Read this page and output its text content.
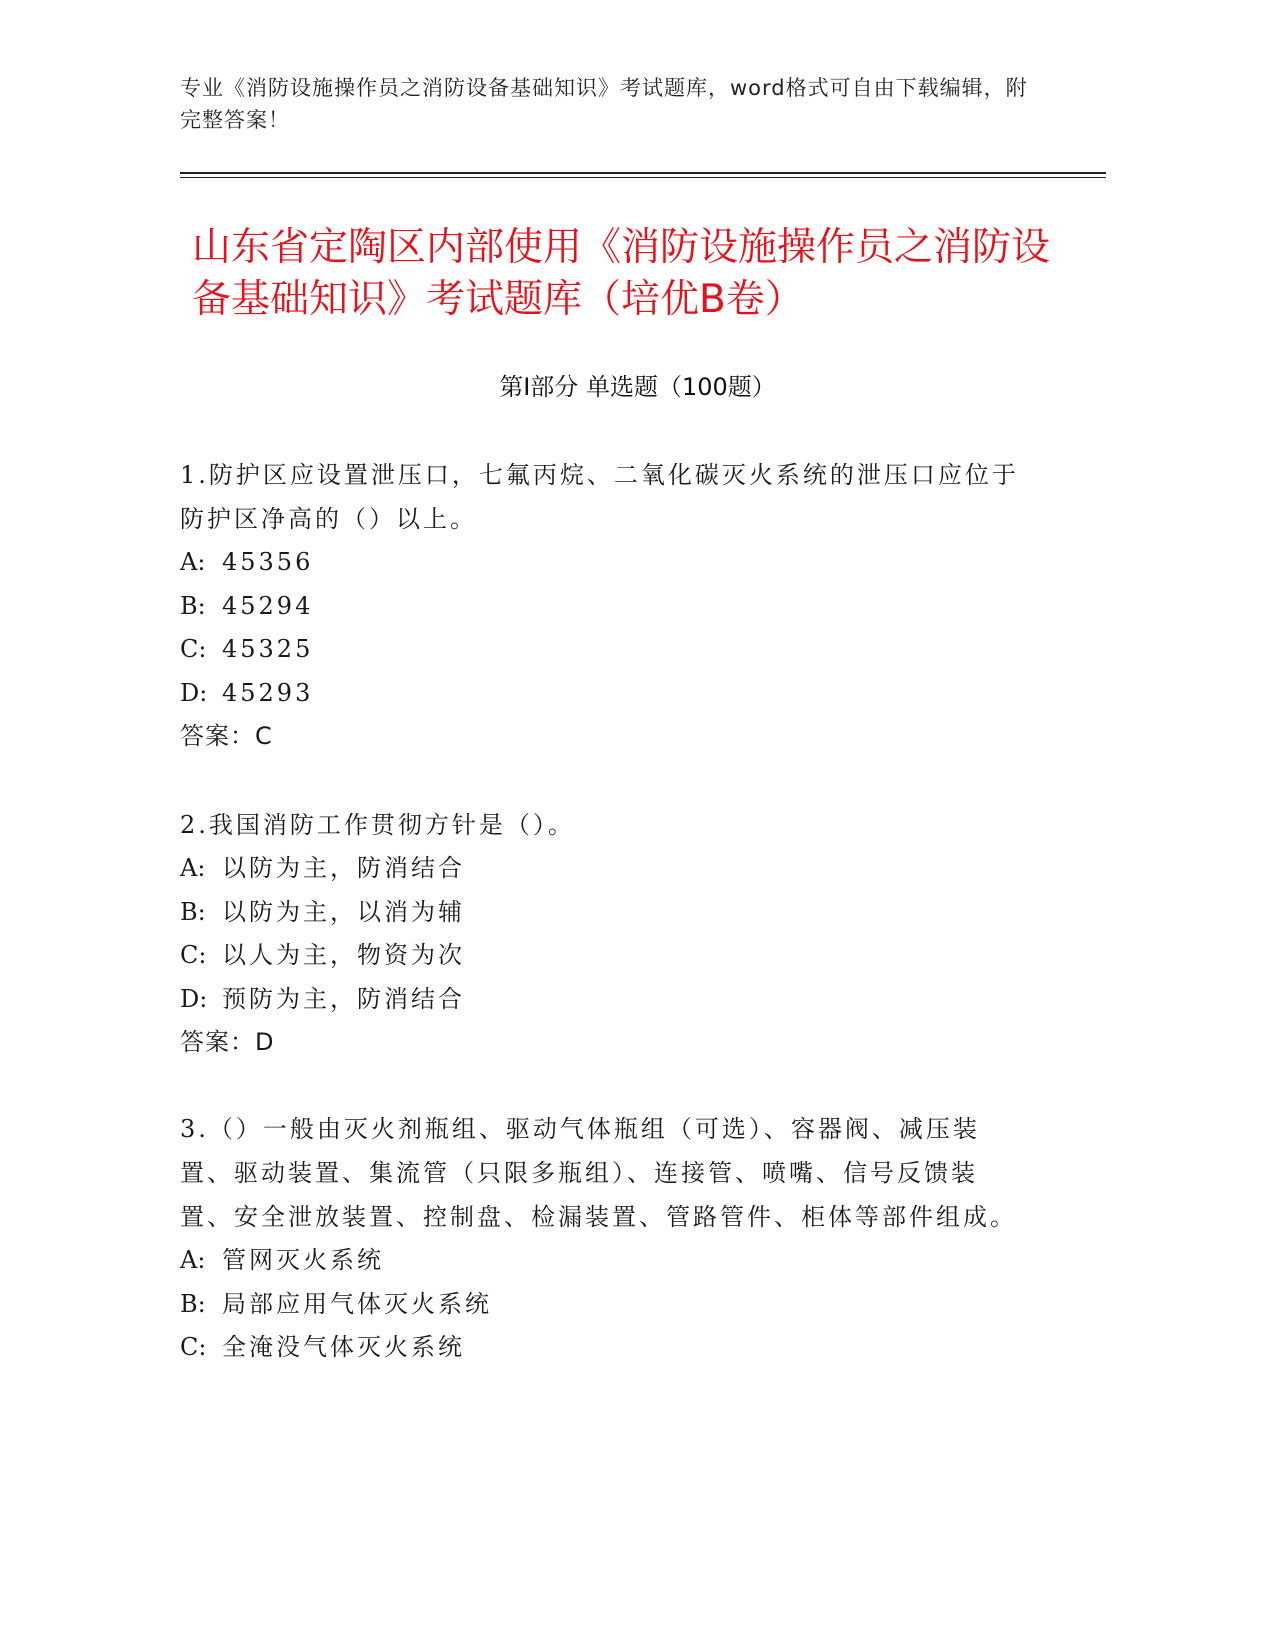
专业《消防设施操作员之消防设备基础知识》考试题库，word格式可自由下载编辑，附完整答案！
山东省定陶区内部使用《消防设施操作员之消防设备基础知识》考试题库（培优B卷）
第Ⅰ部分 单选题（100题）
1.防护区应设置泄压口，七氟丙烷、二氧化碳灭火系统的泄压口应位于防护区净高的（）以上。
A: 45356
B: 45294
C: 45325
D: 45293
答案：C
2.我国消防工作贯彻方针是（）。
A: 以防为主，防消结合
B: 以防为主，以消为辅
C: 以人为主，物资为次
D: 预防为主，防消结合
答案：D
3.（）一般由灭火剂瓶组、驱动气体瓶组（可选）、容器阀、减压装置、驱动装置、集流管（只限多瓶组）、连接管、喷嘴、信号反馈装置、安全泄放装置、控制盘、检漏装置、管路管件、柜体等部件组成。
A: 管网灭火系统
B: 局部应用气体灭火系统
C: 全淹没气体灭火系统
